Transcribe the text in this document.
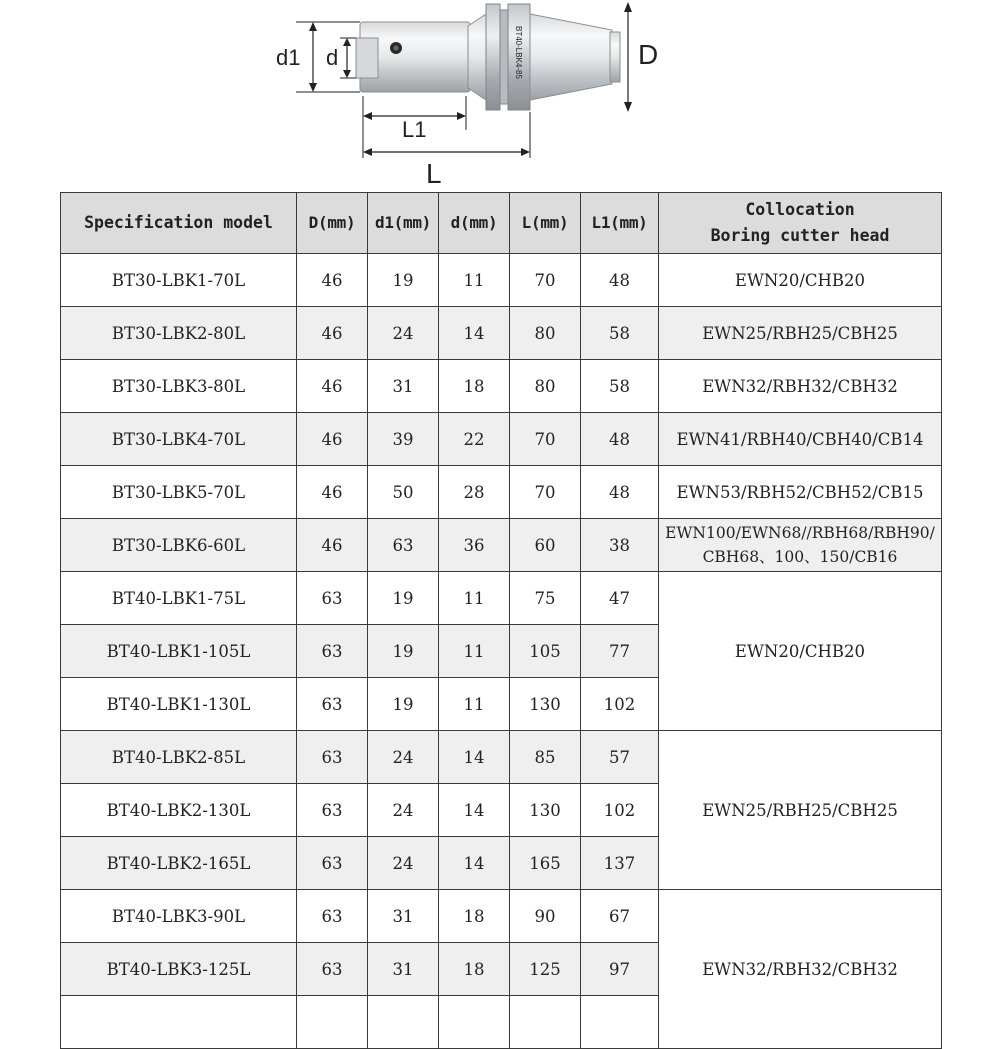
BT40-LBK4-85
d1 d
L1
L
D
Specification model	D(mm)	d1(mm)	d(mm)	L(mm)	L1(mm)	Collocation
Boring cutter head
BT30-LBK1-70L	46	19	11	70	48	EWN20/CHB20
BT30-LBK2-80L	46	24	14	80	58	EWN25/RBH25/CBH25
BT30-LBK3-80L	46	31	18	80	58	EWN32/RBH32/CBH32
BT30-LBK4-70L	46	39	22	70	48	EWN41/RBH40/CBH40/CB14
BT30-LBK5-70L	46	50	28	70	48	EWN53/RBH52/CBH52/CB15
BT30-LBK6-60L	46	63	36	60	38	EWN100/EWN68//RBH68/RBH90/
CBH68、100、150/CB16
BT40-LBK1-75L	63	19	11	75	47	EWN20/CHB20
BT40-LBK1-105L	63	19	11	105	77	
BT40-LBK1-130L	63	19	11	130	102	
BT40-LBK2-85L	63	24	14	85	57	EWN25/RBH25/CBH25
BT40-LBK2-130L	63	24	14	130	102	
BT40-LBK2-165L	63	24	14	165	137	
BT40-LBK3-90L	63	31	18	90	67	EWN32/RBH32/CBH32
BT40-LBK3-125L	63	31	18	125	97	
